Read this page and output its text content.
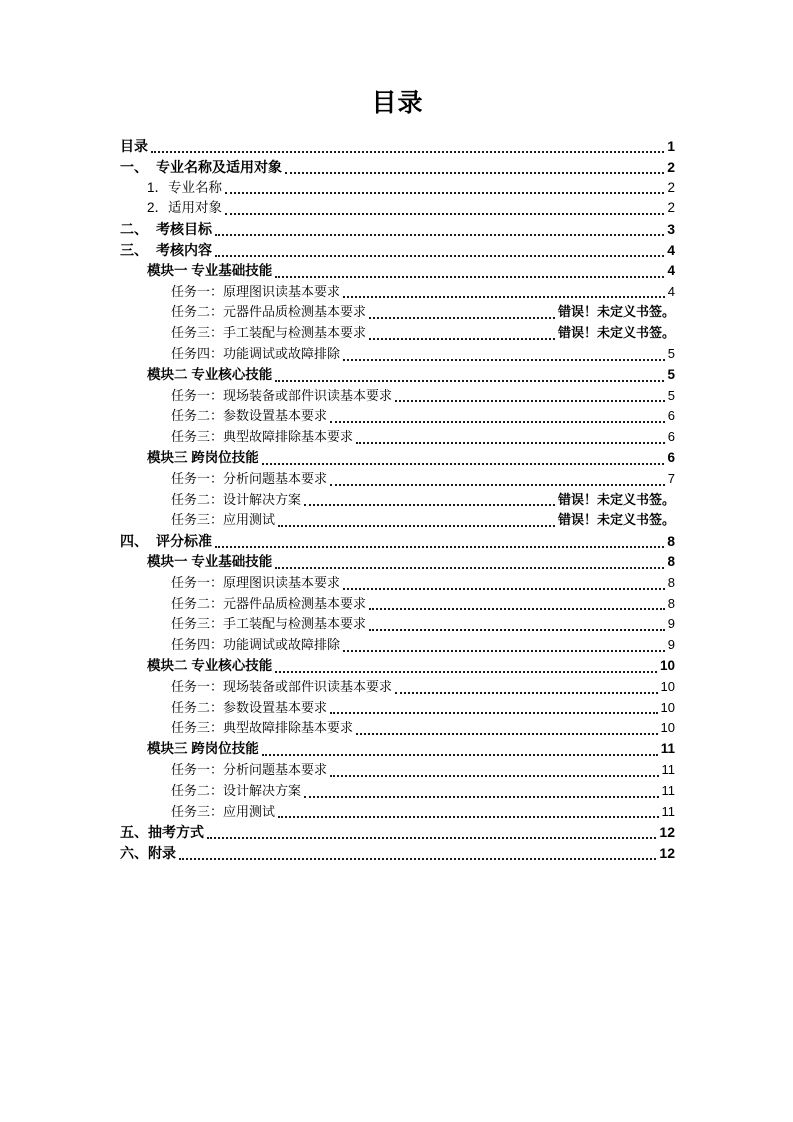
目录
目录	1
一、 专业名称及适用对象	2
1．专业名称	2
2．适用对象	2
二、 考核目标	3
三、 考核内容	4
模块一 专业基础技能	4
任务一：原理图识读基本要求	4
任务二：元器件品质检测基本要求	错误！未定义书签。
任务三：手工装配与检测基本要求	错误！未定义书签。
任务四：功能调试或故障排除	5
模块二 专业核心技能	5
任务一：现场装备或部件识读基本要求	5
任务二：参数设置基本要求	6
任务三：典型故障排除基本要求	6
模块三 跨岗位技能	6
任务一：分析问题基本要求	7
任务二：设计解决方案	错误！未定义书签。
任务三：应用测试	错误！未定义书签。
四、 评分标准	8
模块一 专业基础技能	8
任务一：原理图识读基本要求	8
任务二：元器件品质检测基本要求	8
任务三：手工装配与检测基本要求	9
任务四：功能调试或故障排除	9
模块二 专业核心技能	10
任务一：现场装备或部件识读基本要求	10
任务二：参数设置基本要求	10
任务三：典型故障排除基本要求	10
模块三 跨岗位技能	11
任务一：分析问题基本要求	11
任务二：设计解决方案	11
任务三：应用测试	11
五、抽考方式	12
六、附录	12
